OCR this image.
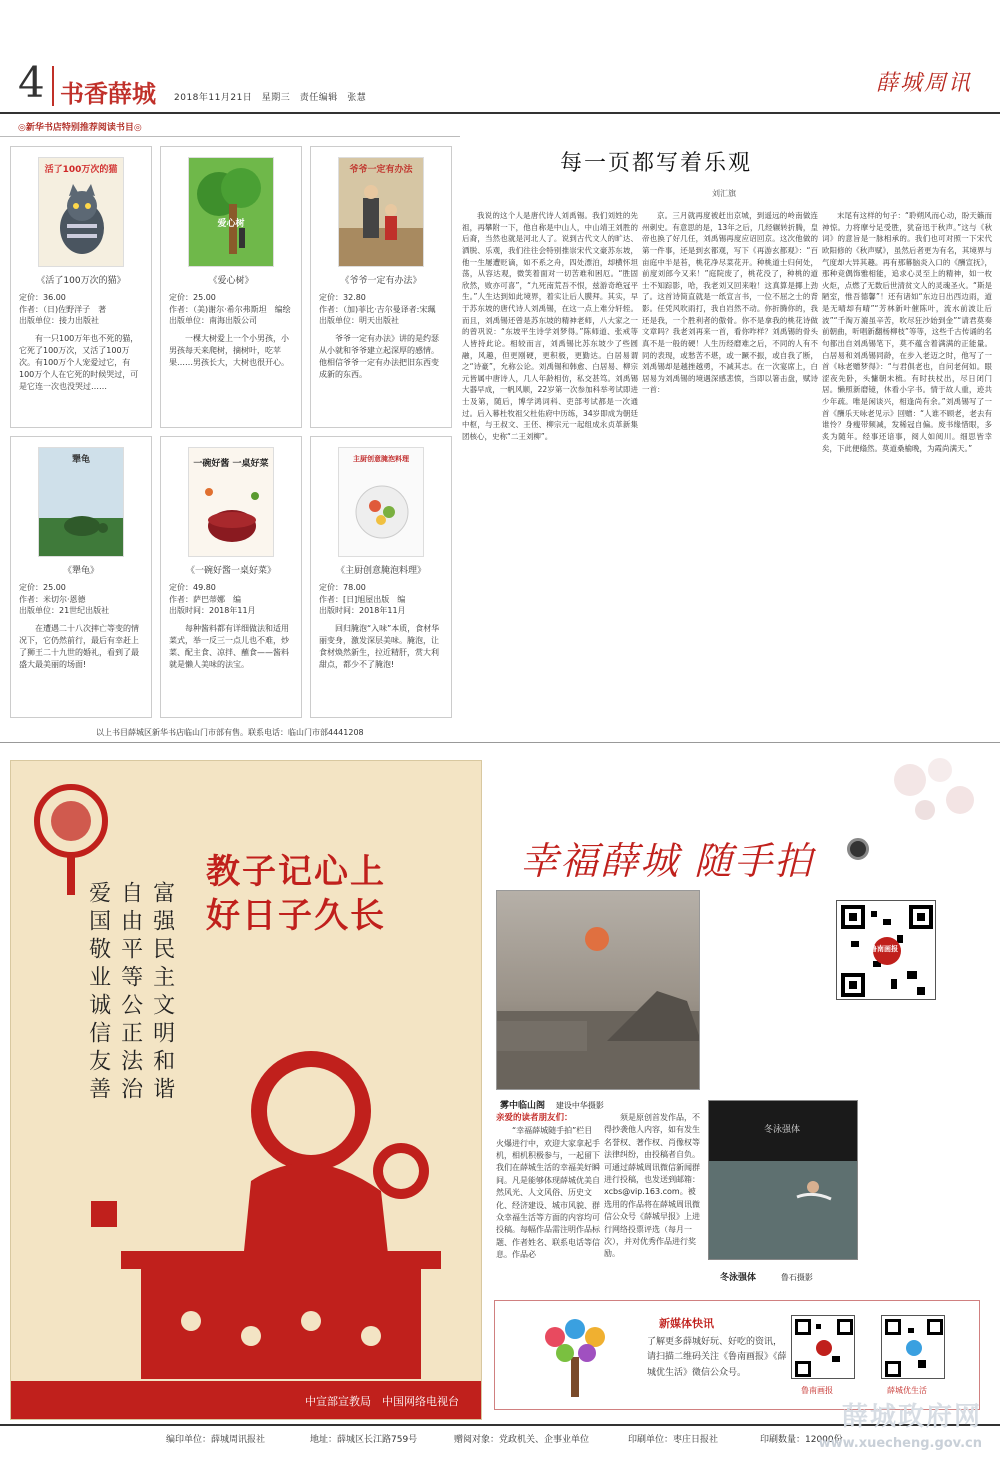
4 书香薛城 2018年11月21日　星期三　责任编辑　张慧
薛城周讯
◎新华书店特别推荐阅读书目◎
活了100万次的猫
《活了100万次的猫》
定价：36.00
作者：（日)佐野洋子　著
出版单位：接力出版社
有一只100万年也不死的猫，它死了100万次，又活了100万次。有100万个人宠爱过它，有100万个人在它死的时候哭过，可是它连一次也没哭过……
爱心树
《爱心树》
定价：25.00
作者：（美)谢尔·希尔弗斯坦　编绘
出版单位：南海出版公司
一棵大树爱上一个小男孩，小男孩每天来爬树，摘树叶，吃苹果……男孩长大，大树也很开心。
爷爷一定有办法
《爷爷一定有办法》
定价：32.80
作者：（加)菲比·吉尔曼译者:宋珮
出版单位：明天出版社
爷爷一定有办法》讲的是约瑟从小就和爷爷建立起深厚的感情。他相信爷爷一定有办法把旧东西变成新的东西。
犟龟
《犟龟》
定价：25.00
作者：米切尔·恩德
出版单位：21世纪出版社
在遭遇二十八次摔亡等变的情况下，它仍然前行，最后有幸赶上了狮王二十九世的婚礼，看到了最盛大最美丽的场面!
一碗好酱 一桌好菜
《一碗好酱一桌好菜》
定价：49.80
作者：萨巴蒂娜　编
出版时间：2018年11月
每种酱料都有详细做法和适用菜式，举一反三一点儿也不难，炒菜、配主食、凉拌、蘸食——酱料就是懒人美味的法宝。
主厨创意腌泡料理
《主厨创意腌泡料理》
定价：78.00
作者：[日]旭屋出版　编
出版时间：2018年11月
回归腌泡“入味”本质，食材华丽变身，激发深层美味。腌泡，让食材焕然新生，拉近精肝，赏大利甜点，都少不了腌泡!
每一页都写着乐观
刘汇旗
我说的这个人是唐代诗人刘禹锡。我们刘姓的先祖，再攀附一下，他自称是中山人，中山靖王刘胜的后裔，当然也就是河北人了。说到古代文人的旷达、洒脱、乐观，我们往往会特别推崇宋代文豪苏东坡，他一生屡遭贬谪，如不系之舟，四处漂泊，却横怀坦荡，从容达观，微笑着面对一切苦难和困厄。“胜固欣然，败亦可喜”，“九死南荒吾不恨，兹游奇绝冠平生。”人生达到如此境界，着实让后人膜拜。其实，早于苏东坡的唐代诗人刘禹锡，在这一点上难分轩轾。而且，刘禹锡还曾是苏东坡的精神老师，八大家之一的曾巩说：“东坡平生诗学刘梦得。”陈师道、张戒等人皆持此论。相较而言，刘禹锡比苏东坡少了些圆融，风趣，但更刚硬，更积极，更勤达。白居易谓之“诗豪”，允称公论。刘禹锡和韩愈、白居易、柳宗元皆属中唐诗人，几人年龄相仿，私交甚笃。刘禹锡大器早成，一帆风顺，22岁第一次参加科举考试即进士及第，随后，博学鸿词科、吏部考试都是一次通过。后入幕杜牧祖父杜佑府中历练，34岁即成为朝廷中枢，与王叔文、王伾、柳宗元一起组成永贞革新集团核心，史称“二王刘柳”。
京。三月就再度被赶出京城，到遥远的岭南做连州刺史。有意思的是，13年之后，几经辗转折腾，皇帝也换了好几任，刘禹锡再度应诏回京。这次他做的第一件事，还是到玄都观，写下《再游玄都观》：“百亩庭中半是苔，桃花净尽菜花开。种桃道士归何处，前度刘郎今又来！”庭院废了，桃花没了，种桃的道士不知踪影，哈，我老刘又回来啦！这真算是揶上劲了。这首诗简直就是一纸宣言书，一位不屈之士的背影。任凭风吹雨打，我自岿然不动。你折腾你的，我还是我，一个胜利者的傲骨。你不是拿我的桃花诗做文章吗？我老刘再来一首，看你咋样？刘禹锡的骨头真不是一般的硬！人生历经磨难之后，不同的人有不同的表现，或愁苦不堪，或一蹶不振，或自我了断，刘禹锡却是越挫越勇，不减其志。在一次宴席上，白居易为刘禹锡的境遇深感悲愤，当即以箸击盘，赋诗一首：
末尾有这样的句子：“聆朔风而心动，盼天籁而神惊。力将摩兮足受胜，犹奋迅于秋声。”这与《秋词》的意旨是一脉相承的。我们也可对照一下宋代欧阳修的《秋声赋》，虽然后者更为有名，其境界与气度却大异其趣。再有那幕脑炎入口的《酬宣抚》，那种竞偶饰雅相能，追求心灵至上的精神，如一枚火炬，点燃了无数后世清贫文人的灵魂圣火。“斯是陋室，惟吾德馨”！还有诸如“东边日出西边雨，道是无晴却有晴”“芳林新叶催陈叶，流水前波让后波”“千淘万漉虽辛苦，吹尽狂沙始到金”“请君莫奏前朝曲，听唱新翻杨柳枝”等等，这些千古传诵的名句都出自刘禹锡笔下，莫不蕴含着满满的正能量。白居易和刘禹锡同龄，在步入老迈之时，他写了一首《咏老赠梦得》：“与君俱老也，自问老何如。眼涩夜先卧，头慵朝未梳。有时扶杖出，尽日闭门居。懒照新磨镜，休看小字书。情于故人重，迹共少年疏。唯是闲谈兴，相逢尚有余。”刘禹锡写了一首《酬乐天咏老见示》回赠：“人谁不顾老，老去有谁怜？身瘦带频减，发稀冠自偏。废书缘惜眼，多炙为随年。经事还谙事，阅人如阅川。细思皆幸矣，下此便翛然。莫道桑榆晚，为霞尚满天。”
以上书目薛城区新华书店临山门市部有售。联系电话：临山门市部4441208
教子记心上
好日子久长
富强民主文明和谐
自由平等公正法治
爱国敬业诚信友善
中宣部宣教局　中国网络电视台
幸福薛城 随手拍
雾中临山阁 建设中华摄影
鲁南画报
亲爱的读者朋友们：
“幸福薛城随手拍”栏目火爆进行中，欢迎大家拿起手机，相机积极参与，一起留下我们在薛城生活的幸福美好瞬间。凡是能够体现薛城优美自然风光、人文风俗、历史文化、经济建设、城市风貌、群众幸福生活等方面的内容均可投稿。每幅作品需注明作品标题、作者姓名、联系电话等信息。作品必
须是原创首发作品，不得抄袭他人内容，如有发生名誉权、著作权、肖像权等法律纠纷，由投稿者自负。可通过薛城周讯微信新闻群进行投稿，也发送到邮箱：xcbs@vip.163.com。被选用的作品将在薛城周讯微信公众号《薛城早报》上进行网络投票评选（每月一次），并对优秀作品进行奖励。
冬泳强体
冬泳强体	鲁石摄影
新媒体快讯
了解更多薛城好玩、好吃的资讯，请扫描二维码关注《鲁南画报》《薛城优生活》微信公众号。
鲁南画报	薛城优生活
编印单位：薛城周讯报社	地址：薛城区长江路759号	赠阅对象：党政机关、企事业单位	印刷单位：枣庄日报社	印刷数量：12000份
薛城政府网
www.xuecheng.gov.cn
